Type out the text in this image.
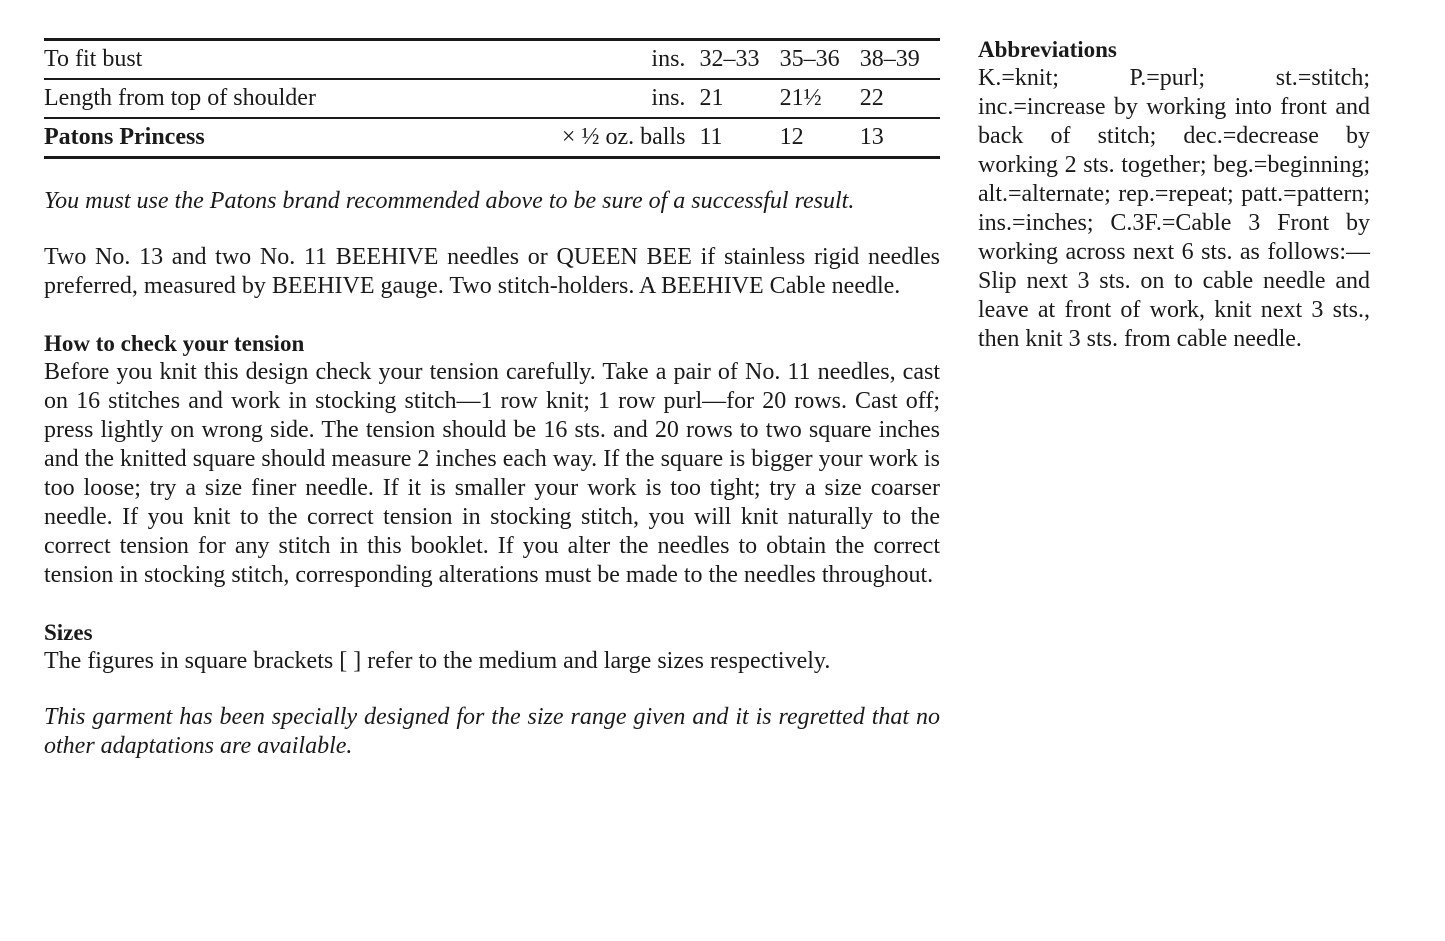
To fit bust	ins.	32–33	35–36	38–39
Length from top of shoulder	ins.	21	21½	22
Patons Princess	× ½ oz. balls	11	12	13

You must use the Patons brand recommended above to be sure of a successful result.

Two No. 13 and two No. 11 BEEHIVE needles or QUEEN BEE if stainless rigid needles preferred, measured by BEEHIVE gauge. Two stitch-holders. A BEEHIVE Cable needle.

How to check your tension

Before you knit this design check your tension carefully. Take a pair of No. 11 needles, cast on 16 stitches and work in stocking stitch—1 row knit; 1 row purl—for 20 rows. Cast off; press lightly on wrong side. The tension should be 16 sts. and 20 rows to two square inches and the knitted square should measure 2 inches each way. If the square is bigger your work is too loose; try a size finer needle. If it is smaller your work is too tight; try a size coarser needle. If you knit to the correct tension in stocking stitch, you will knit naturally to the correct tension for any stitch in this booklet. If you alter the needles to obtain the correct tension in stocking stitch, corresponding alterations must be made to the needles throughout.

Sizes

The figures in square brackets [ ] refer to the medium and large sizes respectively.

This garment has been specially designed for the size range given and it is regretted that no other adaptations are available.

Abbreviations

K.=knit; P.=purl; st.=stitch; inc.=increase by working into front and back of stitch; dec.=decrease by working 2 sts. together; beg.=beginning; alt.=alternate; rep.=repeat; patt.=pattern; ins.=inches; C.3F.=Cable 3 Front by working across next 6 sts. as follows:— Slip next 3 sts. on to cable needle and leave at front of work, knit next 3 sts., then knit 3 sts. from cable needle.
